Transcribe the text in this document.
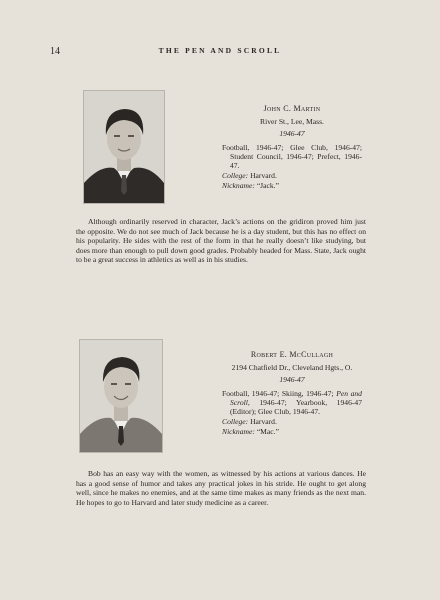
14	THE PEN AND SCROLL
John C. Martin
River St., Lee, Mass.
1946-47
Football, 1946-47; Glee Club, 1946-47; Student Council, 1946-47; Prefect, 1946-47.
College: Harvard.
Nickname: “Jack.”
Although ordinarily reserved in character, Jack’s actions on the gridiron proved him just the opposite. We do not see much of Jack because he is a day student, but this has no effect on his popularity. He sides with the rest of the form in that he really doesn’t like studying, but does more than enough to pull down good grades. Probably headed for Mass. State, Jack ought to be a great success in athletics as well as in his studies.
Robert E. McCullagh
2194 Chatfield Dr., Cleveland Hgts., O.
1946-47
Football, 1946-47; Skiing, 1946-47; Pen and Scroll, 1946-47; Yearbook, 1946-47 (Editor); Glee Club, 1946-47.
College: Harvard.
Nickname: “Mac.”
Bob has an easy way with the women, as witnessed by his actions at various dances. He has a good sense of humor and takes any practical jokes in his stride. He ought to get along well, since he makes no enemies, and at the same time makes as many friends as the next man. He hopes to go to Harvard and later study medicine as a career.
